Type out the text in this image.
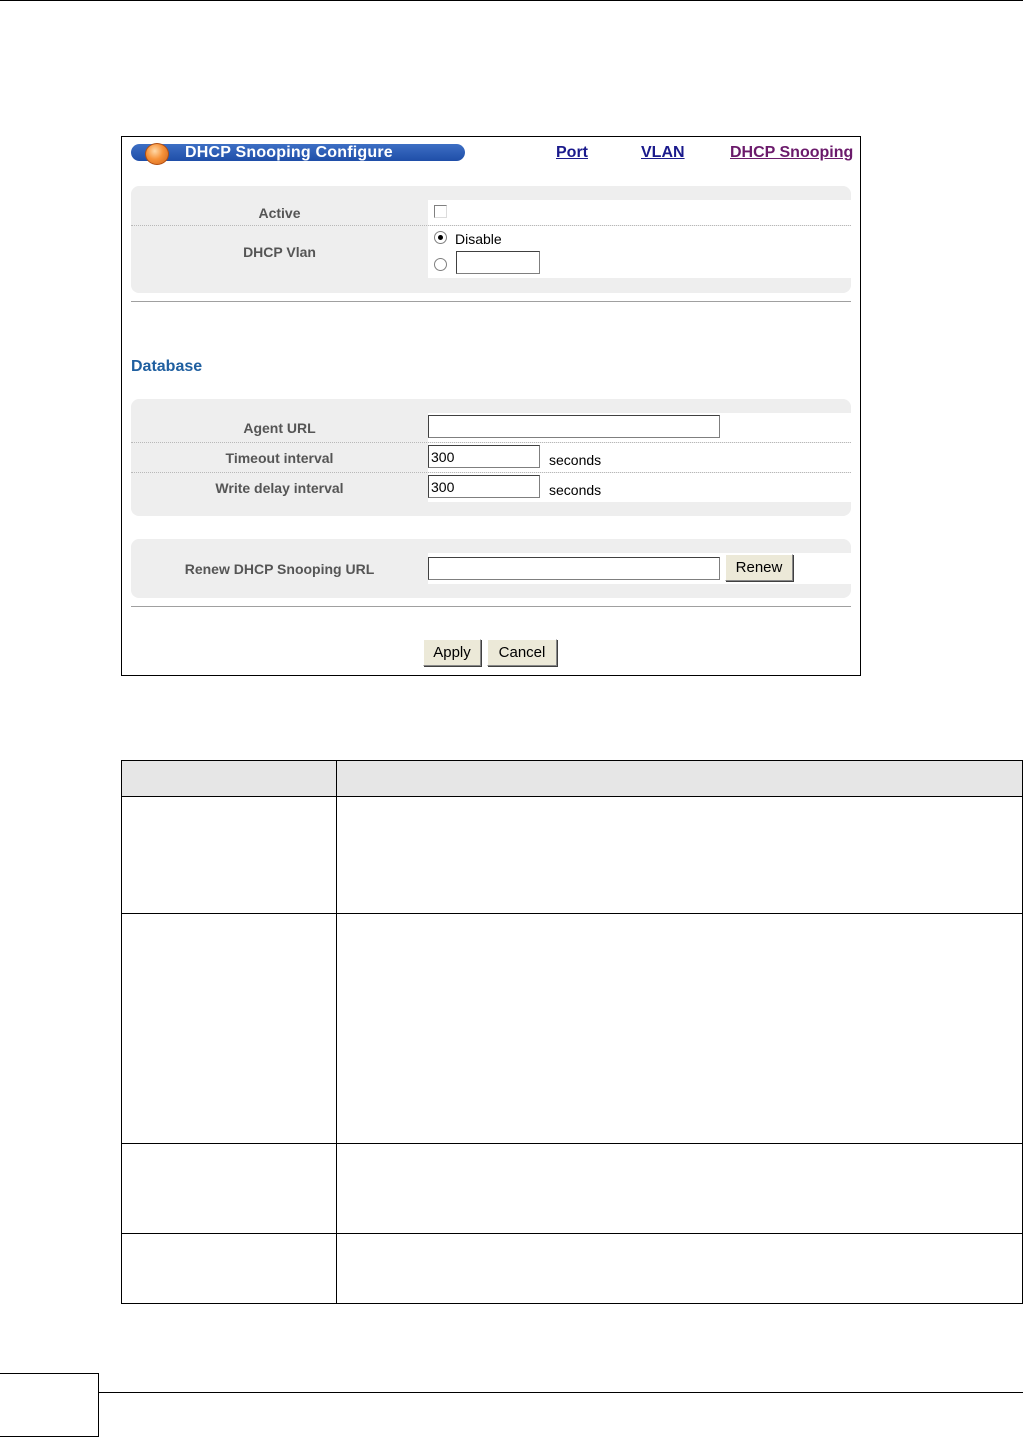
DHCP Snooping Configure	Port	VLAN	DHCP Snooping
Active
DHCP Vlan
Disable
Database
Agent URL
Timeout interval
300	seconds
Write delay interval
300	seconds
Renew DHCP Snooping URL	Renew
Apply	Cancel
